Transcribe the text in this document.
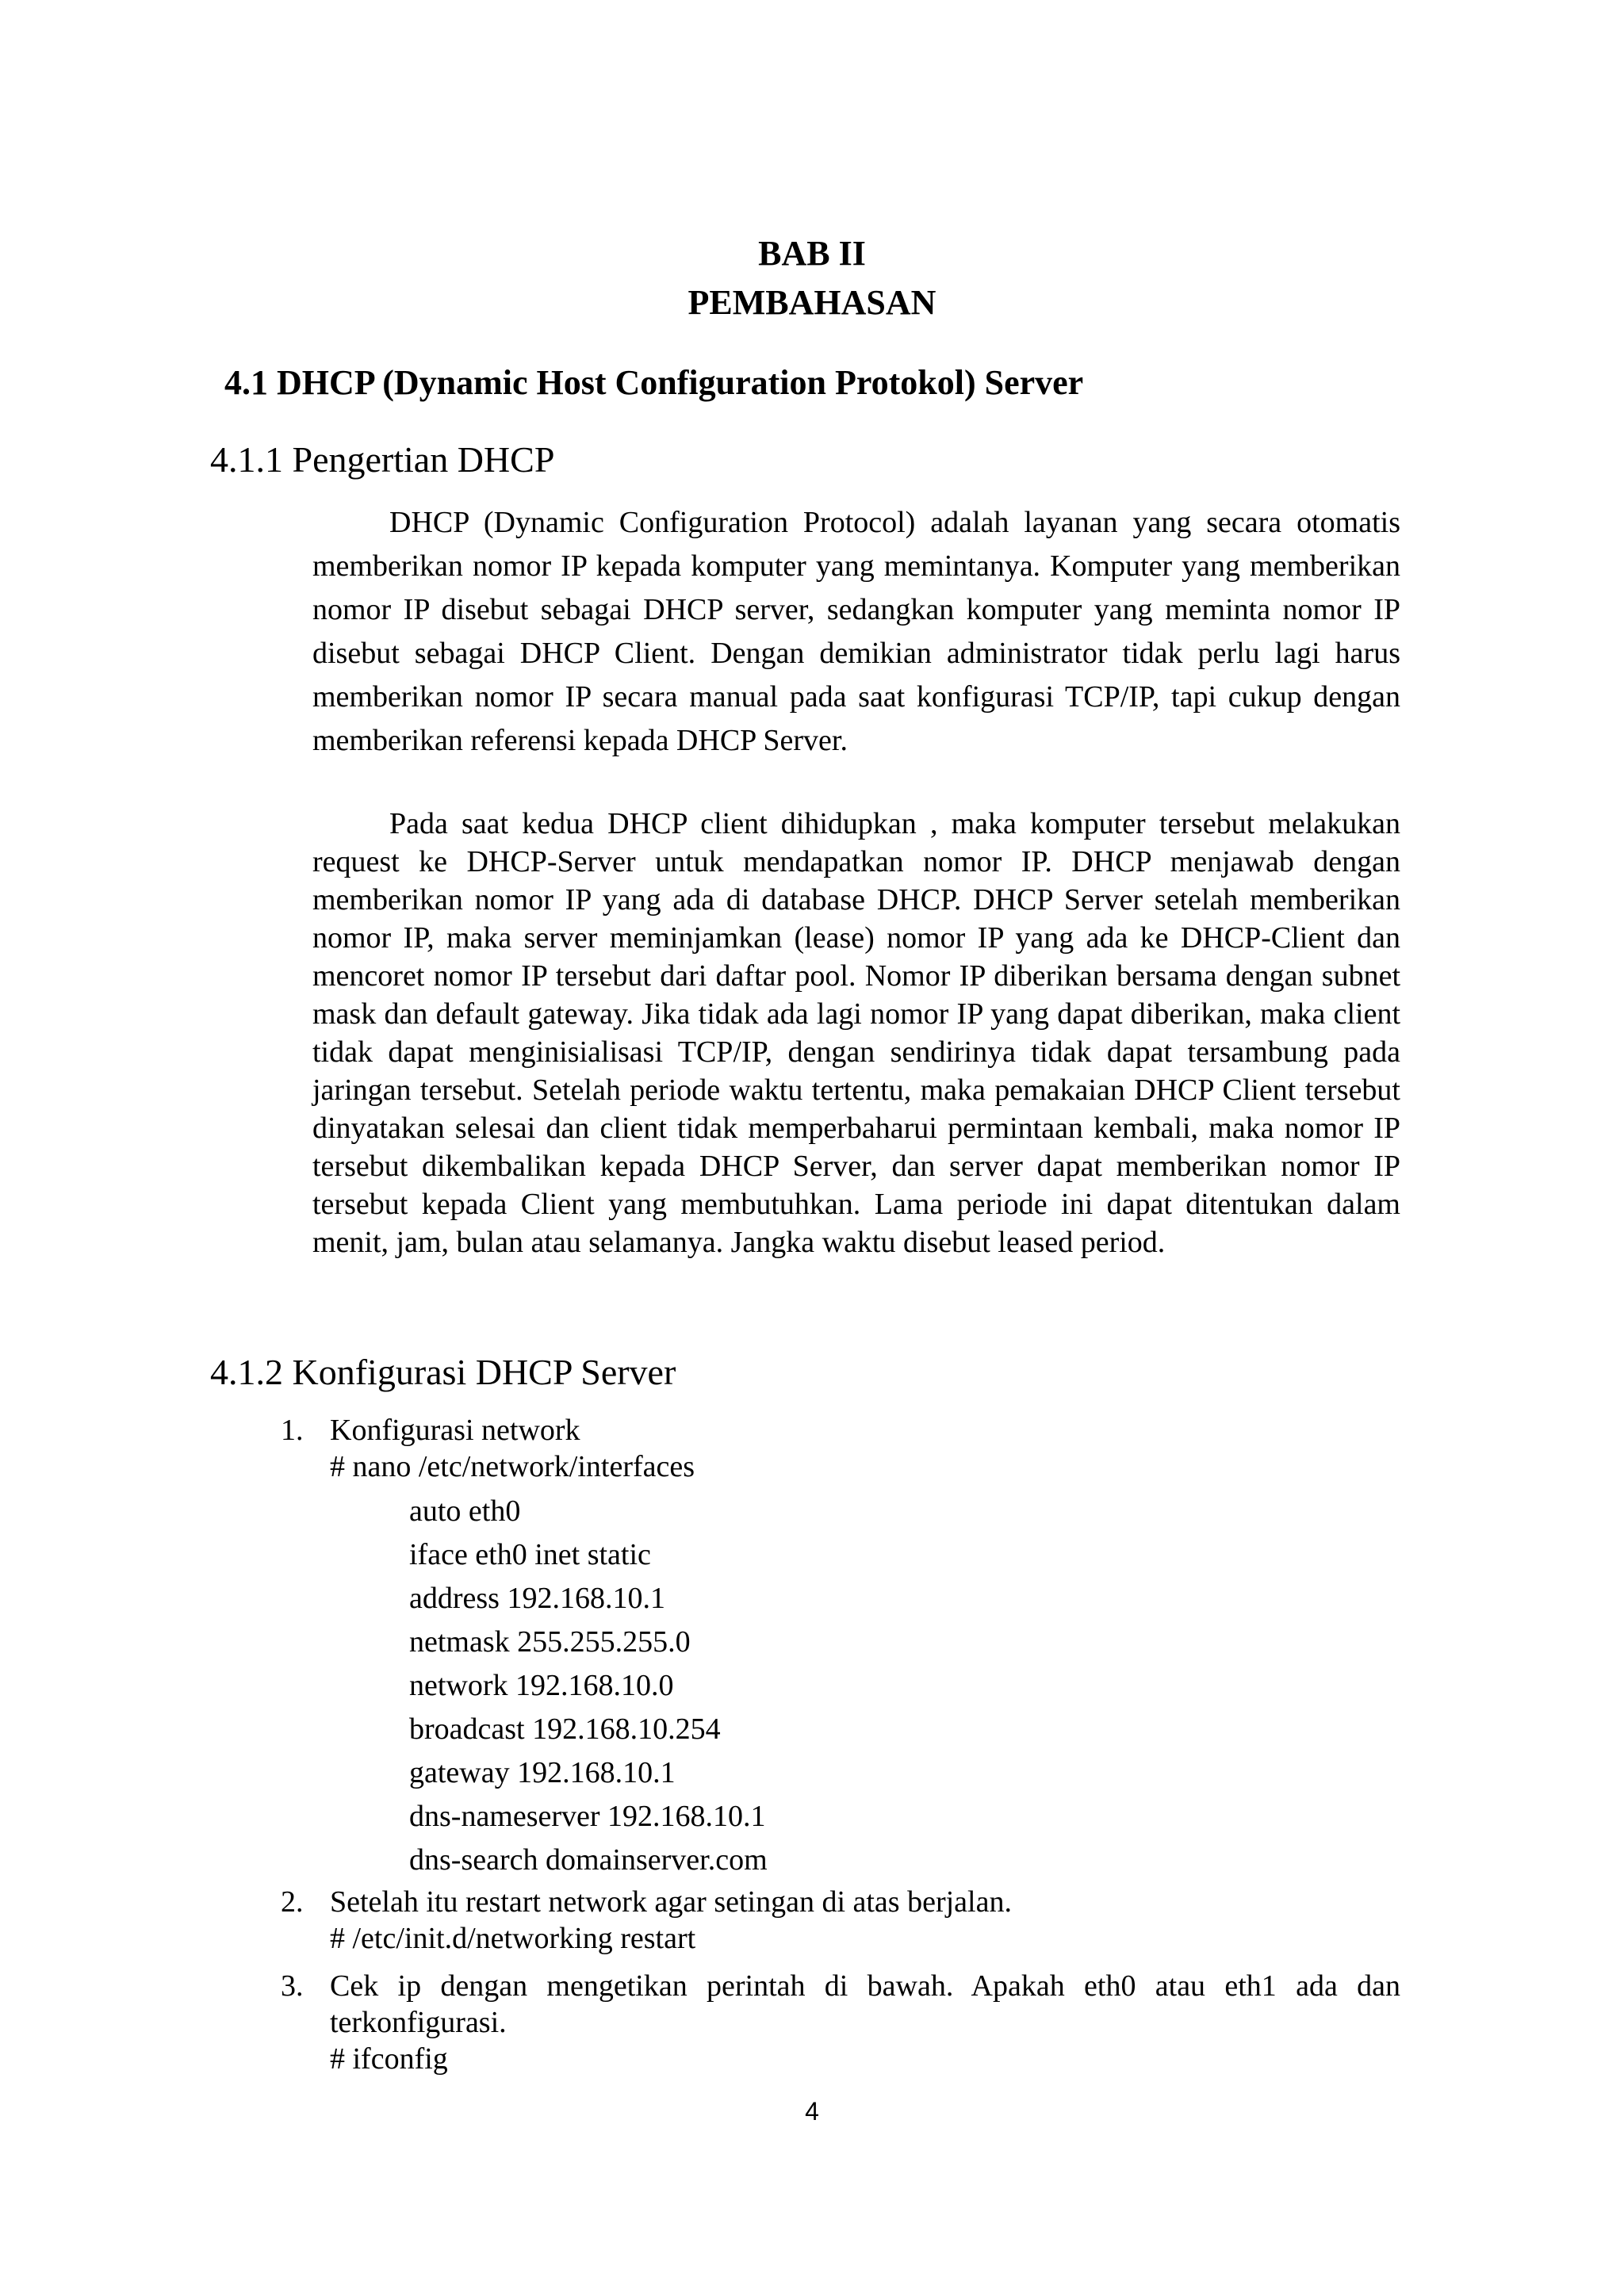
BAB II
PEMBAHASAN
4.1 DHCP (Dynamic Host Configuration Protokol) Server
4.1.1 Pengertian DHCP

DHCP (Dynamic Configuration Protocol) adalah layanan yang secara otomatis memberikan nomor IP kepada komputer yang memintanya. Komputer yang memberikan nomor IP disebut sebagai DHCP server, sedangkan komputer yang meminta nomor IP disebut sebagai DHCP Client. Dengan demikian administrator tidak perlu lagi harus memberikan nomor IP secara manual pada saat konfigurasi TCP/IP, tapi cukup dengan memberikan referensi kepada DHCP Server.

Pada saat kedua DHCP client dihidupkan , maka komputer tersebut melakukan request ke DHCP-Server untuk mendapatkan nomor IP. DHCP menjawab dengan memberikan nomor IP yang ada di database DHCP. DHCP Server setelah memberikan nomor IP, maka server meminjamkan (lease) nomor IP yang ada ke DHCP-Client dan mencoret nomor IP tersebut dari daftar pool. Nomor IP diberikan bersama dengan subnet mask dan default gateway. Jika tidak ada lagi nomor IP yang dapat diberikan, maka client tidak dapat menginisialisasi TCP/IP, dengan sendirinya tidak dapat tersambung pada jaringan tersebut. Setelah periode waktu tertentu, maka pemakaian DHCP Client tersebut dinyatakan selesai dan client tidak memperbaharui permintaan kembali, maka nomor IP tersebut dikembalikan kepada DHCP Server, dan server dapat memberikan nomor IP tersebut kepada Client yang membutuhkan. Lama periode ini dapat ditentukan dalam menit, jam, bulan atau selamanya. Jangka waktu disebut leased period.

4.1.2 Konfigurasi DHCP Server
1. Konfigurasi network
# nano /etc/network/interfaces
auto eth0
iface eth0 inet static
address 192.168.10.1
netmask 255.255.255.0
network 192.168.10.0
broadcast 192.168.10.254
gateway 192.168.10.1
dns-nameserver 192.168.10.1
dns-search domainserver.com
2. Setelah itu restart network agar setingan di atas berjalan.
# /etc/init.d/networking restart
3. Cek ip dengan mengetikan perintah di bawah. Apakah eth0 atau eth1 ada dan terkonfigurasi.
# ifconfig
4
